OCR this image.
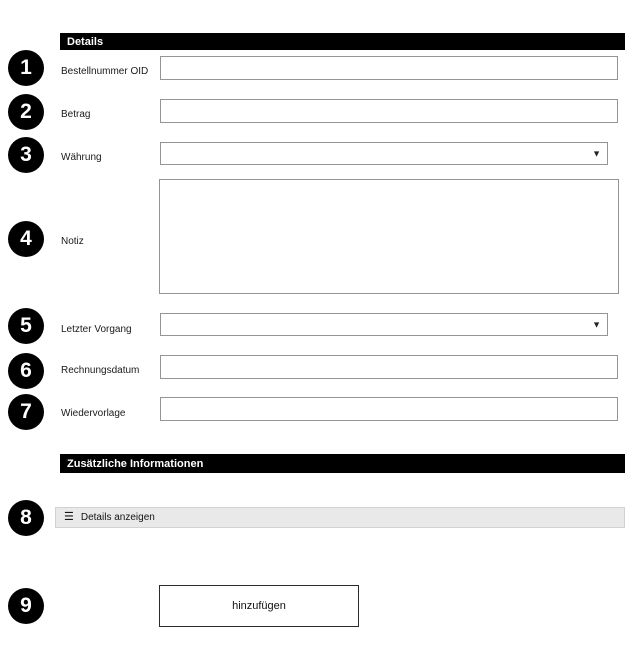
Details
Bestellnummer OID
Betrag
Währung	▼
Notiz
Letzter Vorgang	▼
Rechnungsdatum
Wiedervorlage
Zusätzliche Informationen
☰ Details anzeigen
hinzufügen
1
2
3
4
5
6
7
8
9
